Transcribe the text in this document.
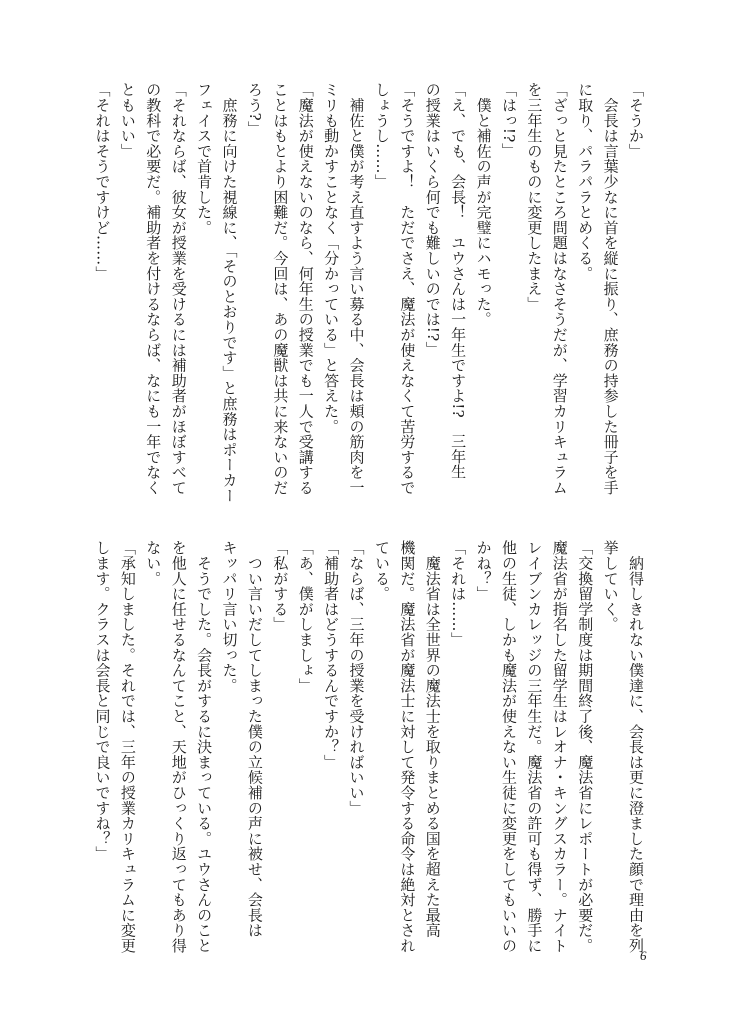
「そうか」
　会長は言葉少なに首を縦に振り、庶務の持参した冊子を手
に取り、パラパラとめくる。
「ざっと見たところ問題はなさそうだが、学習カリキュラム
を三年生のものに変更したまえ」
「はっ!?」
　僕と補佐の声が完璧にハモった。
「え、でも、会長！　ユウさんは一年生ですよ!?　三年生
の授業はいくら何でも難しいのでは!?」
「そうですよ！　ただでさえ、魔法が使えなくて苦労するで
しょうし……」
　補佐と僕が考え直すよう言い募る中、会長は頬の筋肉を一
ミリも動かすことなく「分かっている」と答えた。
「魔法が使えないのなら、何年生の授業でも一人で受講する
ことはもとより困難だ。今回は、あの魔獣は共に来ないのだ
ろう?」
　庶務に向けた視線に、「そのとおりです」と庶務はポーカー
フェイスで首肯した。
「それならば、彼女が授業を受けるには補助者がほぼすべて
の教科で必要だ。補助者を付けるならば、なにも一年でなく
ともいい」
「それはそうですけど……」
　納得しきれない僕達に、会長は更に澄ました顔で理由を列
挙していく。
「交換留学制度は期間終了後、魔法省にレポートが必要だ。
魔法省が指名した留学生はレオナ・キングスカラー。ナイト
レイブンカレッジの三年生だ。魔法省の許可も得ず、勝手に
他の生徒、しかも魔法が使えない生徒に変更をしてもいいの
かね？」
「それは……」
　魔法省は全世界の魔法士を取りまとめる国を超えた最高
機関だ。魔法省が魔法士に対して発令する命令は絶対とされ
ている。
「ならば、三年の授業を受ければいい」
「補助者はどうするんですか？」
「あ、僕がしましょ」
「私がする」
　つい言いだしてしまった僕の立候補の声に被せ、会長は
キッパリ言い切った。
　そうでした。会長がするに決まっている。ユウさんのこと
を他人に任せるなんてこと、天地がひっくり返ってもあり得
ない。
「承知しました。それでは、三年の授業カリキュラムに変更
します。クラスは会長と同じで良いですね？」
6
